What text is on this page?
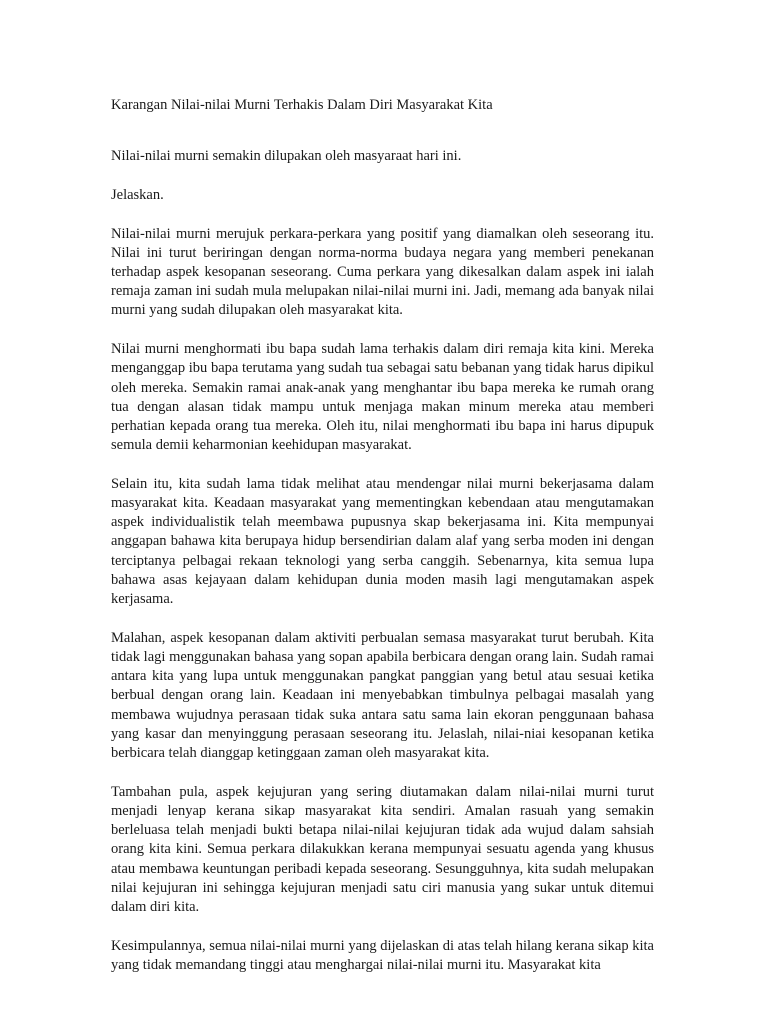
Karangan Nilai-nilai Murni Terhakis Dalam Diri Masyarakat Kita

Nilai-nilai murni semakin dilupakan oleh masyaraat hari ini.

Jelaskan.

Nilai-nilai murni merujuk perkara-perkara yang positif yang diamalkan oleh seseorang itu. Nilai ini turut beriringan dengan norma-norma budaya negara yang memberi penekanan terhadap aspek kesopanan seseorang. Cuma perkara yang dikesalkan dalam aspek ini ialah remaja zaman ini sudah mula melupakan nilai-nilai murni ini. Jadi, memang ada banyak nilai murni yang sudah dilupakan oleh masyarakat kita.

Nilai murni menghormati ibu bapa sudah lama terhakis dalam diri remaja kita kini. Mereka menganggap ibu bapa terutama yang sudah tua sebagai satu bebanan yang tidak harus dipikul oleh mereka. Semakin ramai anak-anak yang menghantar ibu bapa mereka ke rumah orang tua dengan alasan tidak mampu untuk menjaga makan minum mereka atau memberi perhatian kepada orang tua mereka. Oleh itu, nilai menghormati ibu bapa ini harus dipupuk semula demii keharmonian keehidupan masyarakat.

Selain itu, kita sudah lama tidak melihat atau mendengar nilai murni bekerjasama dalam masyarakat kita. Keadaan masyarakat yang mementingkan kebendaan atau mengutamakan aspek individualistik telah meembawa pupusnya skap bekerjasama ini. Kita mempunyai anggapan bahawa kita berupaya hidup bersendirian dalam alaf yang serba moden ini dengan terciptanya pelbagai rekaan teknologi yang serba canggih. Sebenarnya, kita semua lupa bahawa asas kejayaan dalam kehidupan dunia moden masih lagi mengutamakan aspek kerjasama.

Malahan, aspek kesopanan dalam aktiviti perbualan semasa masyarakat turut berubah. Kita tidak lagi menggunakan bahasa yang sopan apabila berbicara dengan orang lain. Sudah ramai antara kita yang lupa untuk menggunakan pangkat panggian yang betul atau sesuai ketika berbual dengan orang lain. Keadaan ini menyebabkan timbulnya pelbagai masalah yang membawa wujudnya perasaan tidak suka antara satu sama lain ekoran penggunaan bahasa yang kasar dan menyinggung perasaan seseorang itu. Jelaslah, nilai-niai kesopanan ketika berbicara telah dianggap ketinggaan zaman oleh masyarakat kita.

Tambahan pula, aspek kejujuran yang sering diutamakan dalam nilai-nilai murni turut menjadi lenyap kerana sikap masyarakat kita sendiri. Amalan rasuah yang semakin berleluasa telah menjadi bukti betapa nilai-nilai kejujuran tidak ada wujud dalam sahsiah orang kita kini. Semua perkara dilakukkan kerana mempunyai sesuatu agenda yang khusus atau membawa keuntungan peribadi kepada seseorang. Sesungguhnya, kita sudah melupakan nilai kejujuran ini sehingga kejujuran menjadi satu ciri manusia yang sukar untuk ditemui dalam diri kita.

Kesimpulannya, semua nilai-nilai murni yang dijelaskan di atas telah hilang kerana sikap kita yang tidak memandang tinggi atau menghargai nilai-nilai murni itu. Masyarakat kita
